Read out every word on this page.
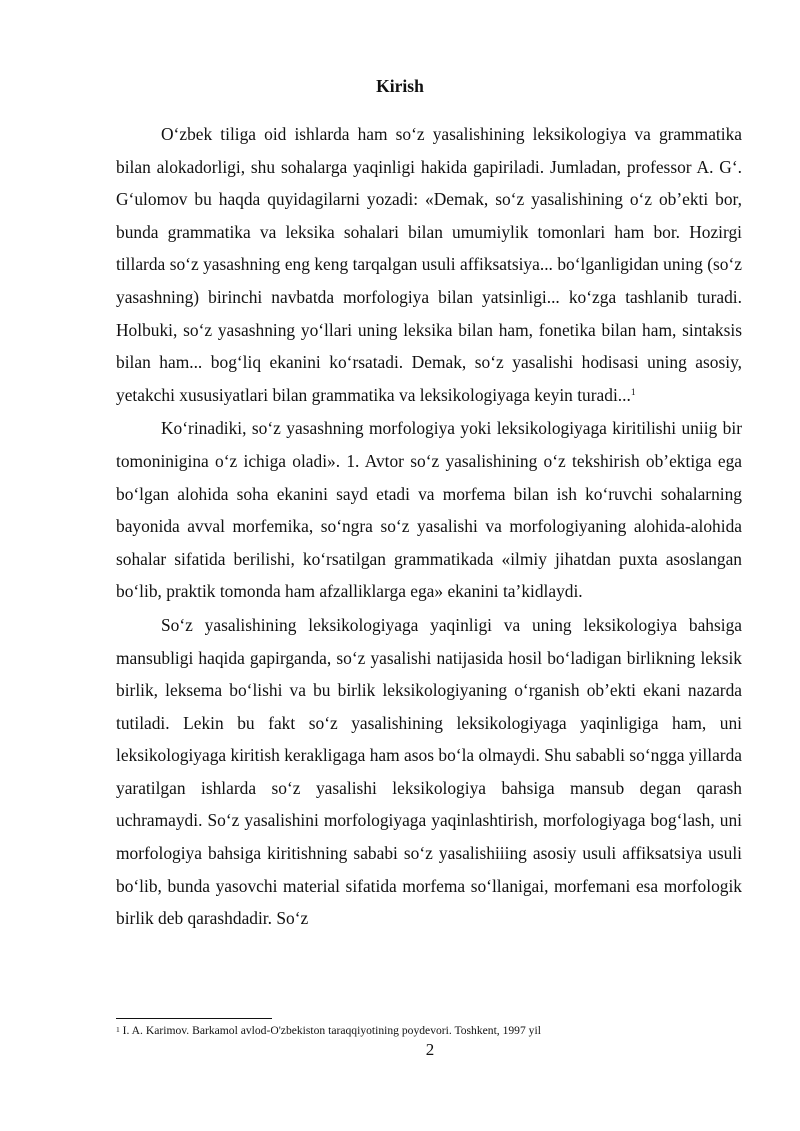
Kirish

O‘zbek tiliga oid ishlarda ham so‘z yasalishining leksikologiya va grammatika bilan alokadorligi, shu sohalarga yaqinligi hakida gapiriladi. Jumladan, professor A. G‘. G‘ulomov bu haqda quyidagilarni yozadi: «Demak, so‘z yasalishining o‘z ob’ekti bor, bunda grammatika va leksika sohalari bilan umumiylik tomonlari ham bor. Hozirgi tillarda so‘z yasashning eng keng tarqalgan usuli affiksatsiya... bo‘lganligidan uning (so‘z yasashning) birinchi navbatda morfologiya bilan yatsinligi... ko‘zga tashlanib turadi. Holbuki, so‘z yasashning yo‘llari uning leksika bilan ham, fonetika bilan ham, sintaksis bilan ham... bog‘liq ekanini ko‘rsatadi. Demak, so‘z yasalishi hodisasi uning asosiy, yetakchi xususiyatlari bilan grammatika va leksikologiyaga keyin turadi...$^1$

Ko‘rinadiki, so‘z yasashning morfologiya yoki leksikologiyaga kiritilishi uniig bir tomoninigina o‘z ichiga oladi». 1. Avtor so‘z yasalishining o‘z tekshirish ob’ektiga ega bo‘lgan alohida soha ekanini sayd etadi va morfema bilan ish ko‘ruvchi sohalarning bayonida avval morfemika, so‘ngra so‘z yasalishi va morfologiyaning alohida-alohida sohalar sifatida berilishi, ko‘rsatilgan grammatikada «ilmiy jihatdan puxta asoslangan bo‘lib, praktik tomonda ham afzalliklarga ega» ekanini ta’kidlaydi.

So‘z yasalishining leksikologiyaga yaqinligi va uning leksikologiya bahsiga mansubligi haqida gapirganda, so‘z yasalishi natijasida hosil bo‘ladigan birlikning leksik birlik, leksema bo‘lishi va bu birlik leksikologiyaning o‘rganish ob’ekti ekani nazarda tutiladi. Lekin bu fakt so‘z yasalishining leksikologiyaga yaqinligiga ham, uni leksikologiyaga kiritish kerakligaga ham asos bo‘la olmaydi. Shu sababli so‘ngga yillarda yaratilgan ishlarda so‘z yasalishi leksikologiya bahsiga mansub degan qarash uchramaydi. So‘z yasalishini morfologiyaga yaqinlashtirish, morfologiyaga bog‘lash, uni morfologiya bahsiga kiritishning sababi so‘z yasalishiiing asosiy usuli affiksatsiya usuli bo‘lib, bunda yasovchi material sifatida morfema so‘llanigai, morfemani esa morfologik birlik deb qarashdadir. So‘z

$^1$ I. A. Karimov. Barkamol avlod-O'zbekiston taraqqiyotining poydevori. Toshkent, 1997 yil
2
